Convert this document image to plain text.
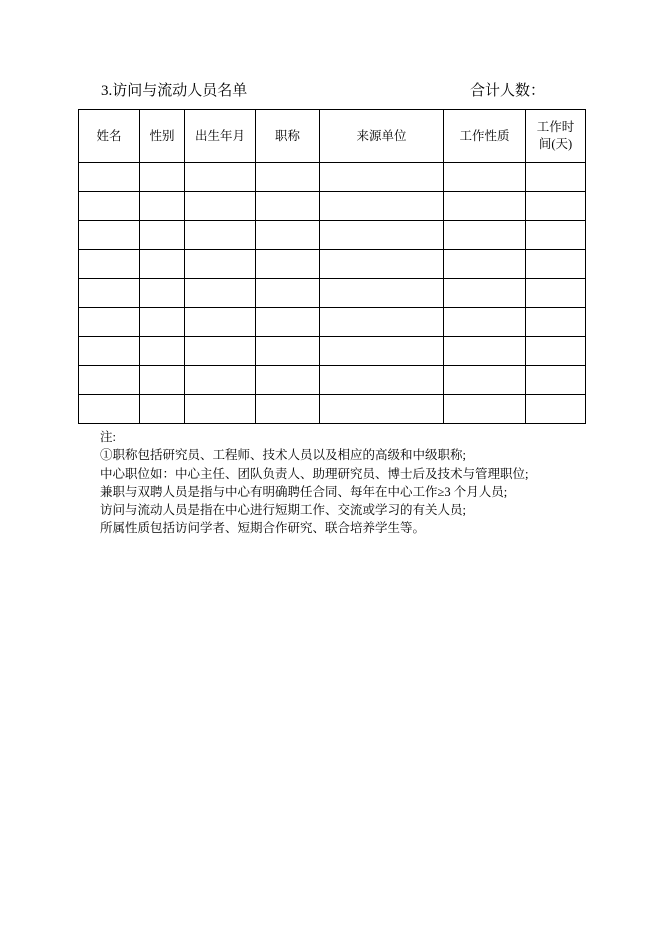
3.访问与流动人员名单	合计人数：
姓名	性别	出生年月	职称	来源单位	工作性质	工作时间(天)

注:
①职称包括研究员、工程师、技术人员以及相应的高级和中级职称;
中心职位如：中心主任、团队负责人、助理研究员、博士后及技术与管理职位;
兼职与双聘人员是指与中心有明确聘任合同、每年在中心工作≥3 个月人员;
访问与流动人员是指在中心进行短期工作、交流或学习的有关人员;
所属性质包括访问学者、短期合作研究、联合培养学生等。
